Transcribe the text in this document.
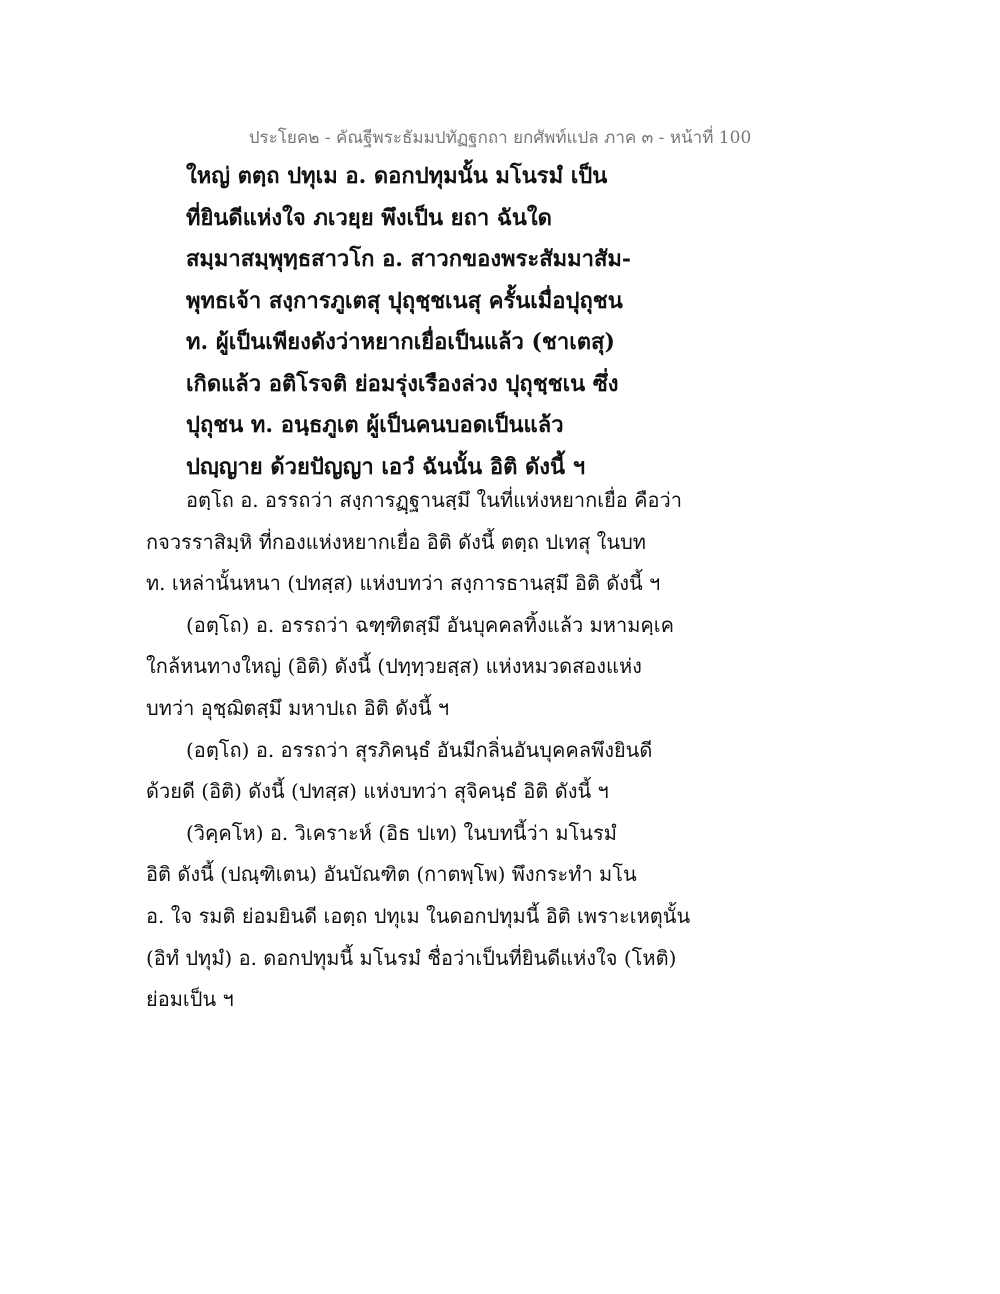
ประโยค๒ - คัณฐีพระธัมมปทัฏฐกถา ยกศัพท์แปล ภาค ๓ - หน้าที่ 100
ใหญ่ ตตฺถ ปทุเม อ. ดอกปทุมนั้น มโนรมํ เป็น
ที่ยินดีแห่งใจ ภเวยฺย พึงเป็น ยถา ฉันใด
สมฺมาสมฺพุทฺธสาวโก อ. สาวกของพระสัมมาสัม-
พุทธเจ้า สงฺการภูเตสุ ปุถุชฺชเนสุ ครั้นเมื่อปุถุชน
ท. ผู้เป็นเพียงดังว่าหยากเยื่อเป็นแล้ว (ชาเตสุ)
เกิดแล้ว อติโรจติ ย่อมรุ่งเรืองล่วง ปุถุชฺชเน ซึ่ง
ปุถุชน ท. อนฺธภูเต ผู้เป็นคนบอดเป็นแล้ว
ปญฺญาย ด้วยปัญญา เอวํ ฉันนั้น อิติ ดังนี้ ฯ
อตฺโถ อ. อรรถว่า สงฺการฏฺฐานสฺมึ ในที่แห่งหยากเยื่อ คือว่า
กจวรราสิมฺหิ ที่กองแห่งหยากเยื่อ อิติ ดังนี้ ตตฺถ ปเทสุ ในบท
ท. เหล่านั้นหนา (ปทสฺส) แห่งบทว่า สงฺการธานสฺมึ อิติ ดังนี้ ฯ
(อตฺโถ) อ. อรรถว่า ฉฑฺฑิตสฺมึ อันบุคคลทิ้งแล้ว มหามคฺเค
ใกล้หนทางใหญ่ (อิติ) ดังนี้ (ปทฺทฺวยสฺส) แห่งหมวดสองแห่ง
บทว่า อุชฺฌิตสฺมึ มหาปเถ อิติ ดังนี้ ฯ
(อตฺโถ) อ. อรรถว่า สุรภิคนฺธํ อันมีกลิ่นอันบุคคลพึงยินดี
ด้วยดี (อิติ) ดังนี้ (ปทสฺส) แห่งบทว่า สุจิคนฺธํ อิติ ดังนี้ ฯ
(วิคฺคโห) อ. วิเคราะห์ (อิธ ปเท) ในบทนี้ว่า มโนรมํ
อิติ ดังนี้ (ปณฺฑิเตน) อันบัณฑิต (กาตพฺโพ) พึงกระทำ มโน
อ. ใจ รมติ ย่อมยินดี เอตฺถ ปทุเม ในดอกปทุมนี้ อิติ เพราะเหตุนั้น
(อิทํ ปทุมํ) อ. ดอกปทุมนี้ มโนรมํ ชื่อว่าเป็นที่ยินดีแห่งใจ (โหติ)
ย่อมเป็น ฯ
